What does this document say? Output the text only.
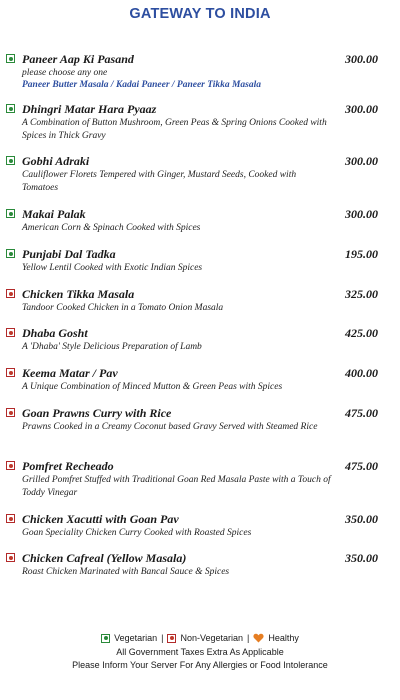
GATEWAY TO INDIA
Paneer Aap Ki Pasand	300.00
please choose any one
Paneer Butter Masala / Kadai Paneer / Paneer Tikka Masala
Dhingri Matar Hara Pyaaz	300.00
A Combination of Button Mushroom, Green Peas & Spring Onions Cooked with Spices in Thick Gravy
Gobhi Adraki	300.00
Cauliflower Florets Tempered with Ginger, Mustard Seeds, Cooked with Tomatoes
Makai Palak	300.00
American Corn & Spinach Cooked with Spices
Punjabi Dal Tadka	195.00
Yellow Lentil Cooked with Exotic Indian Spices
Chicken Tikka Masala	325.00
Tandoor Cooked Chicken in a Tomato Onion Masala
Dhaba Gosht	425.00
A 'Dhaba' Style Delicious Preparation of Lamb
Keema Matar / Pav	400.00
A Unique Combination of Minced Mutton & Green Peas with Spices
Goan Prawns Curry with Rice	475.00
Prawns Cooked in a Creamy Coconut based Gravy Served with Steamed Rice
Pomfret Recheado	475.00
Grilled Pomfret Stuffed with Traditional Goan Red Masala Paste with a Touch of Toddy Vinegar
Chicken Xacutti with Goan Pav	350.00
Goan Speciality Chicken Curry Cooked with Roasted Spices
Chicken Cafreal (Yellow Masala)	350.00
Roast Chicken Marinated with Bancal Sauce & Spices
Vegetarian | Non-Vegetarian | Healthy
All Government Taxes Extra As Applicable
Please Inform Your Server For Any Allergies or Food Intolerance
